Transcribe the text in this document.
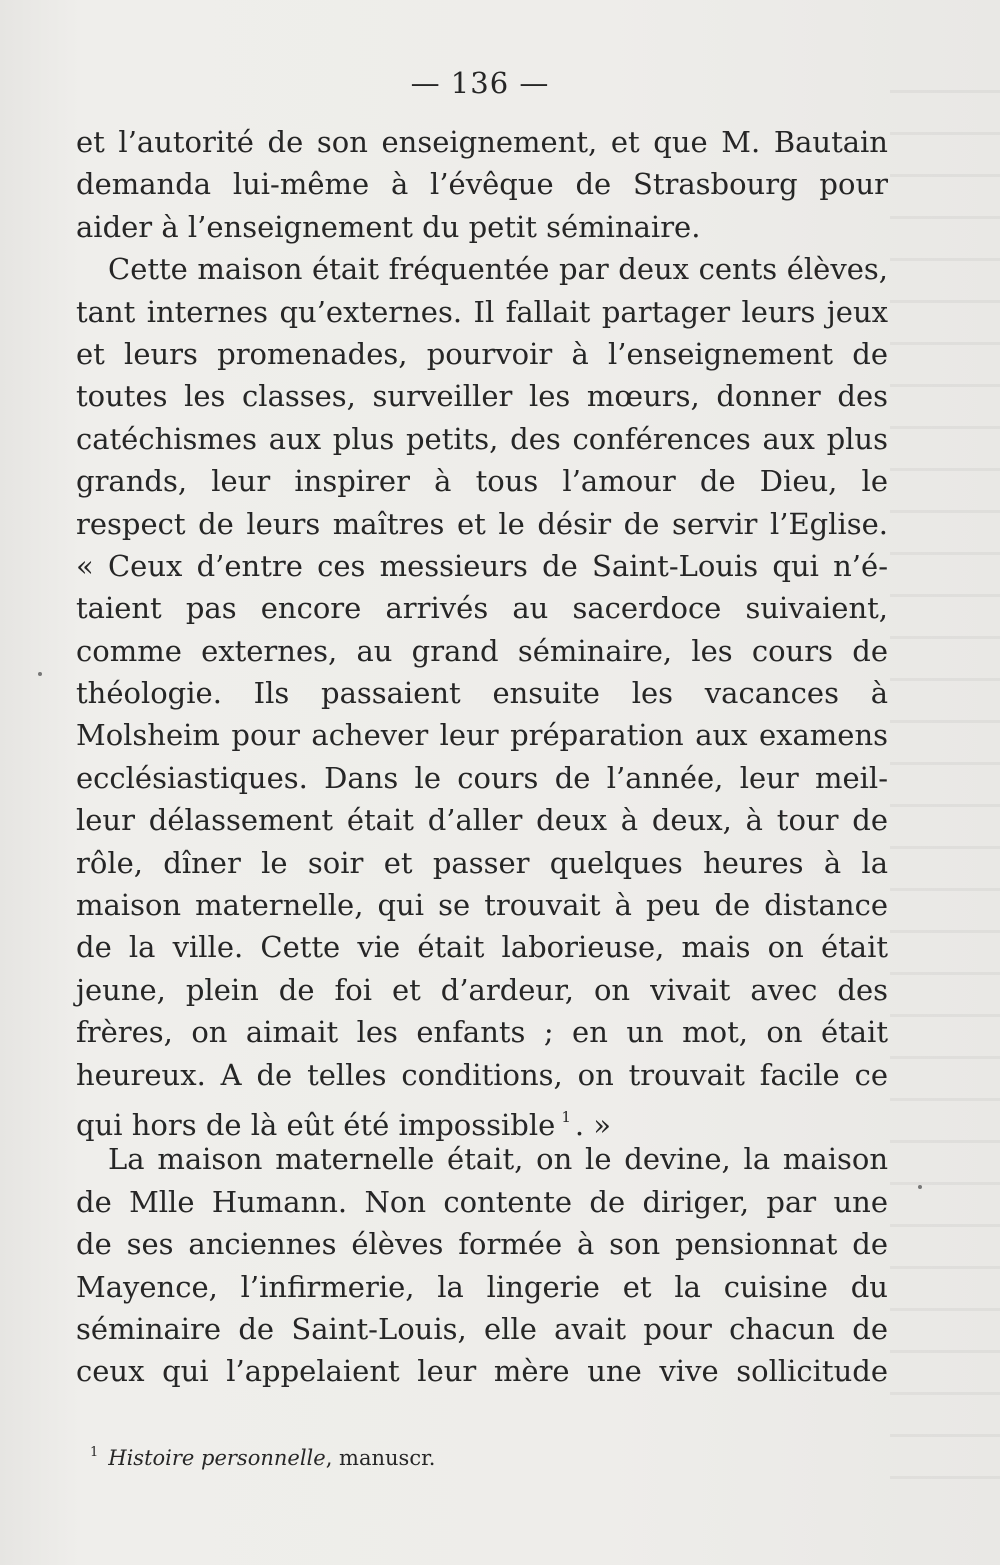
— 136 —
et l’autorité de son enseignement, et que M. Bautain
demanda lui-même à l’évêque de Strasbourg pour
aider à l’enseignement du petit séminaire.
Cette maison était fréquentée par deux cents élèves,
tant internes qu’externes. Il fallait partager leurs jeux
et leurs promenades, pourvoir à l’enseignement de
toutes les classes, surveiller les mœurs, donner des
catéchismes aux plus petits, des conférences aux plus
grands, leur inspirer à tous l’amour de Dieu, le
respect de leurs maîtres et le désir de servir l’Eglise.
« Ceux d’entre ces messieurs de Saint-Louis qui n’é-
taient pas encore arrivés au sacerdoce suivaient,
comme externes, au grand séminaire, les cours de
théologie. Ils passaient ensuite les vacances à
Molsheim pour achever leur préparation aux examens
ecclésiastiques. Dans le cours de l’année, leur meil-
leur délassement était d’aller deux à deux, à tour de
rôle, dîner le soir et passer quelques heures à la
maison maternelle, qui se trouvait à peu de distance
de la ville. Cette vie était laborieuse, mais on était
jeune, plein de foi et d’ardeur, on vivait avec des
frères, on aimait les enfants ; en un mot, on était
heureux. A de telles conditions, on trouvait facile ce
qui hors de là eût été impossible $^1$ . »
La maison maternelle était, on le devine, la maison
de Mlle Humann. Non contente de diriger, par une
de ses anciennes élèves formée à son pensionnat de
Mayence, l’infirmerie, la lingerie et la cuisine du
séminaire de Saint-Louis, elle avait pour chacun de
ceux qui l’appelaient leur mère une vive sollicitude
$^1$ Histoire personnelle, manuscr.
